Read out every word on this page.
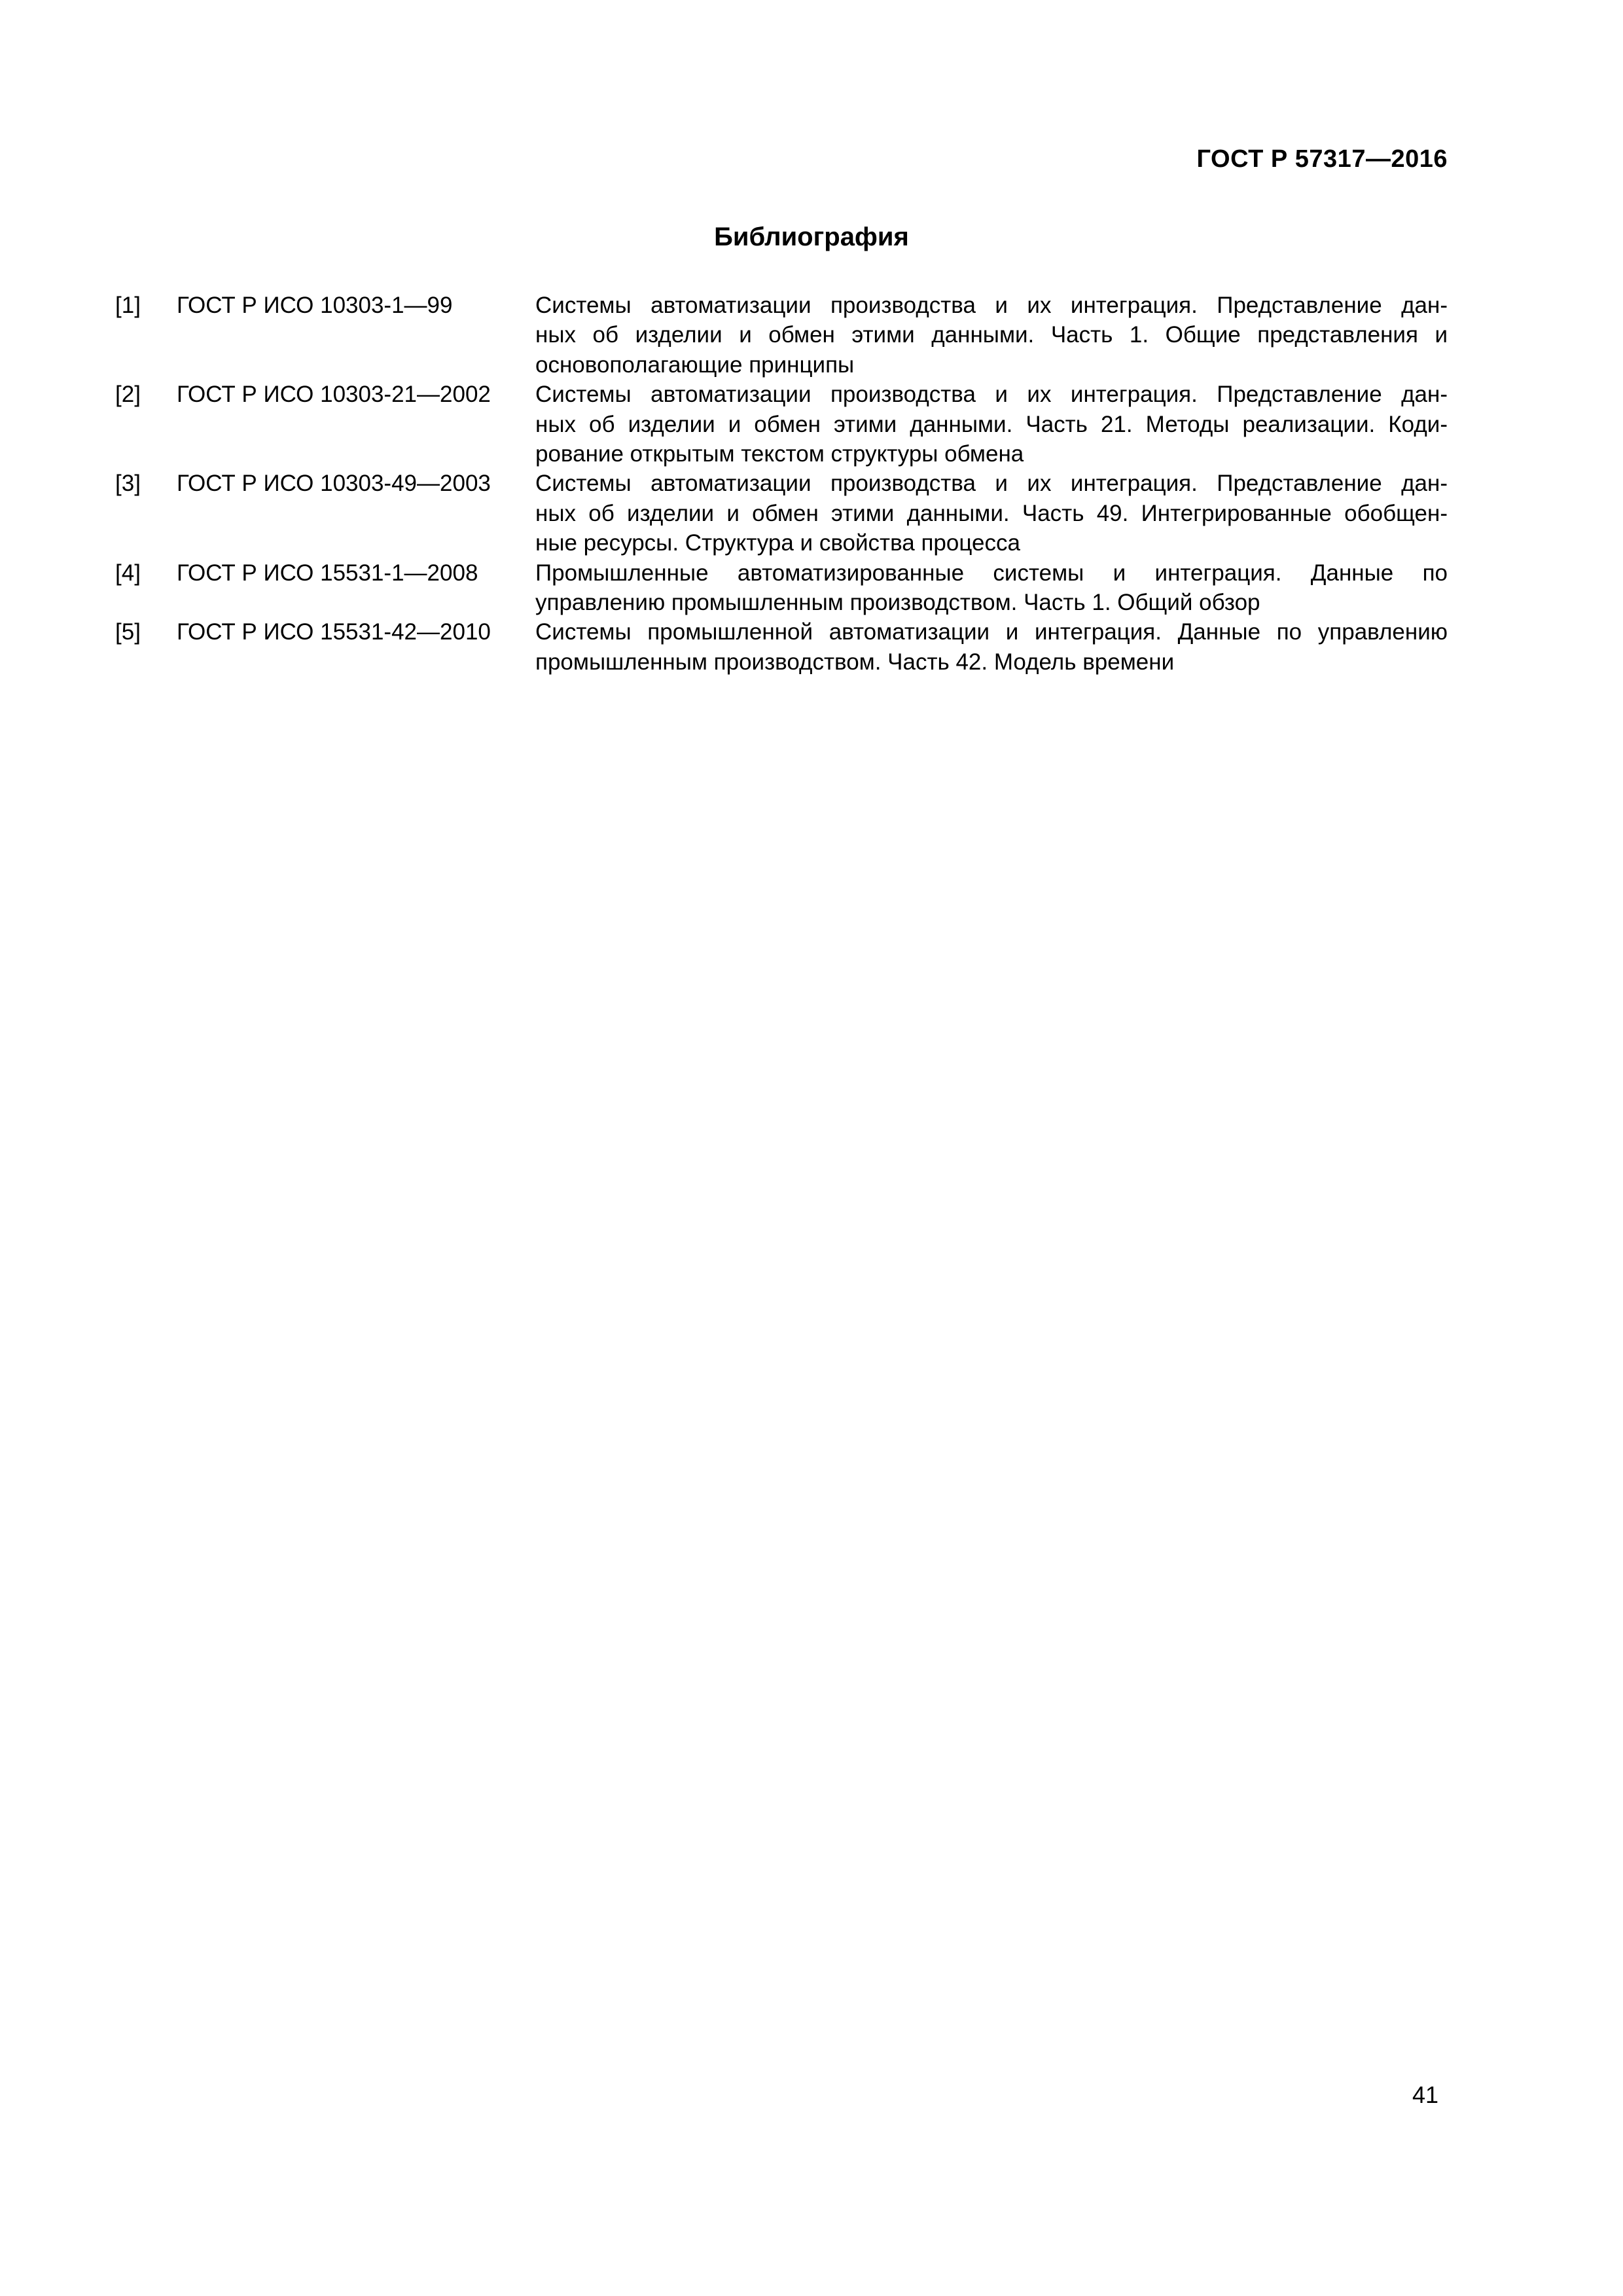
ГОСТ Р 57317—2016
Библиография
[1]	ГОСТ Р ИСО 10303-1—99	Системы автоматизации производства и их интеграция. Представление дан-
ных об изделии и обмен этими данными. Часть 1. Общие представления и
основополагающие принципы
[2]	ГОСТ Р ИСО 10303-21—2002	Системы автоматизации производства и их интеграция. Представление дан-
ных об изделии и обмен этими данными. Часть 21. Методы реализации. Коди-
рование открытым текстом структуры обмена
[3]	ГОСТ Р ИСО 10303-49—2003	Системы автоматизации производства и их интеграция. Представление дан-
ных об изделии и обмен этими данными. Часть 49. Интегрированные обобщен-
ные ресурсы. Структура и свойства процесса
[4]	ГОСТ Р ИСО 15531-1—2008	Промышленные автоматизированные системы и интеграция. Данные по
управлению промышленным производством. Часть 1. Общий обзор
[5]	ГОСТ Р ИСО 15531-42—2010	Системы промышленной автоматизации и интеграция. Данные по управлению
промышленным производством. Часть 42. Модель времени
41
